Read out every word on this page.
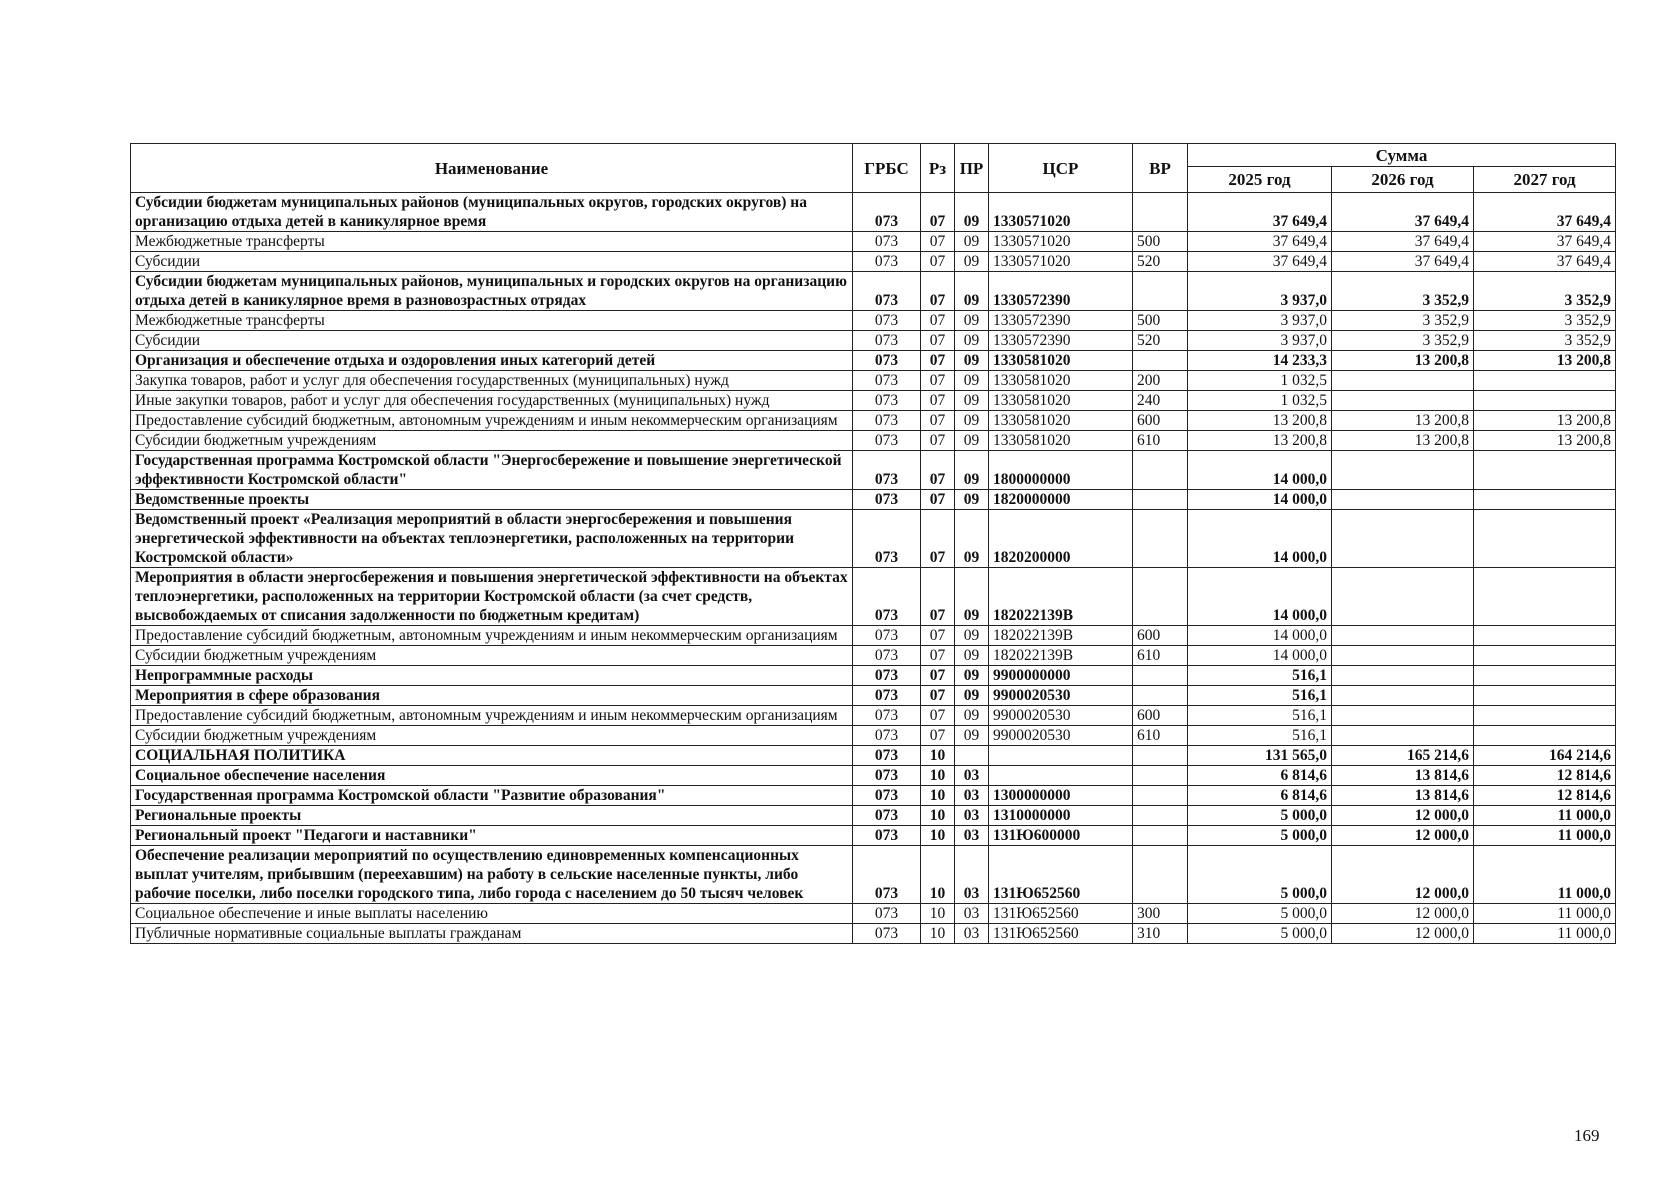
Наименование	ГРБС	Рз	ПР	ЦСР	ВР	Сумма		
						2025 год	2026 год	2027 год
Субсидии бюджетам муниципальных районов (муниципальных округов, городских округов) на организацию отдыха детей в каникулярное время	073	07	09	1330571020		37 649,4	37 649,4	37 649,4
Межбюджетные трансферты	073	07	09	1330571020	500	37 649,4	37 649,4	37 649,4
Субсидии	073	07	09	1330571020	520	37 649,4	37 649,4	37 649,4
Субсидии бюджетам муниципальных районов, муниципальных и городских округов на организацию отдыха детей в каникулярное время в разновозрастных отрядах	073	07	09	1330572390		3 937,0	3 352,9	3 352,9
Межбюджетные трансферты	073	07	09	1330572390	500	3 937,0	3 352,9	3 352,9
Субсидии	073	07	09	1330572390	520	3 937,0	3 352,9	3 352,9
Организация и обеспечение отдыха и оздоровления иных категорий детей	073	07	09	1330581020		14 233,3	13 200,8	13 200,8
Закупка товаров, работ и услуг для обеспечения государственных (муниципальных) нужд	073	07	09	1330581020	200	1 032,5		
Иные закупки товаров, работ и услуг для обеспечения государственных (муниципальных) нужд	073	07	09	1330581020	240	1 032,5		
Предоставление субсидий бюджетным, автономным учреждениям и иным некоммерческим организациям	073	07	09	1330581020	600	13 200,8	13 200,8	13 200,8
Субсидии бюджетным учреждениям	073	07	09	1330581020	610	13 200,8	13 200,8	13 200,8
Государственная программа Костромской области "Энергосбережение и повышение энергетической эффективности Костромской области"	073	07	09	1800000000		14 000,0		
Ведомственные проекты	073	07	09	1820000000		14 000,0		
Ведомственный проект «Реализация мероприятий в области энергосбережения и повышения энергетической эффективности на объектах теплоэнергетики, расположенных на территории Костромской области»	073	07	09	1820200000		14 000,0		
Мероприятия в области энергосбережения и повышения энергетической эффективности на объектах теплоэнергетики, расположенных на территории Костромской области (за счет средств, высвобождаемых от списания задолженности по бюджетным кредитам)	073	07	09	182022139В		14 000,0		
Предоставление субсидий бюджетным, автономным учреждениям и иным некоммерческим организациям	073	07	09	182022139В	600	14 000,0		
Субсидии бюджетным учреждениям	073	07	09	182022139В	610	14 000,0		
Непрограммные расходы	073	07	09	9900000000		516,1		
Мероприятия в сфере образования	073	07	09	9900020530		516,1		
Предоставление субсидий бюджетным, автономным учреждениям и иным некоммерческим организациям	073	07	09	9900020530	600	516,1		
Субсидии бюджетным учреждениям	073	07	09	9900020530	610	516,1		
СОЦИАЛЬНАЯ ПОЛИТИКА	073	10				131 565,0	165 214,6	164 214,6
Социальное обеспечение населения	073	10	03			6 814,6	13 814,6	12 814,6
Государственная программа Костромской области "Развитие образования"	073	10	03	1300000000		6 814,6	13 814,6	12 814,6
Региональные проекты	073	10	03	1310000000		5 000,0	12 000,0	11 000,0
Региональный проект "Педагоги и наставники"	073	10	03	131Ю600000		5 000,0	12 000,0	11 000,0
Обеспечение реализации мероприятий по осуществлению единовременных компенсационных выплат учителям, прибывшим (переехавшим) на работу в сельские населенные пункты, либо рабочие поселки, либо поселки городского типа, либо города с населением до 50 тысяч человек	073	10	03	131Ю652560		5 000,0	12 000,0	11 000,0
Социальное обеспечение и иные выплаты населению	073	10	03	131Ю652560	300	5 000,0	12 000,0	11 000,0
Публичные нормативные социальные выплаты гражданам	073	10	03	131Ю652560	310	5 000,0	12 000,0	11 000,0
169
